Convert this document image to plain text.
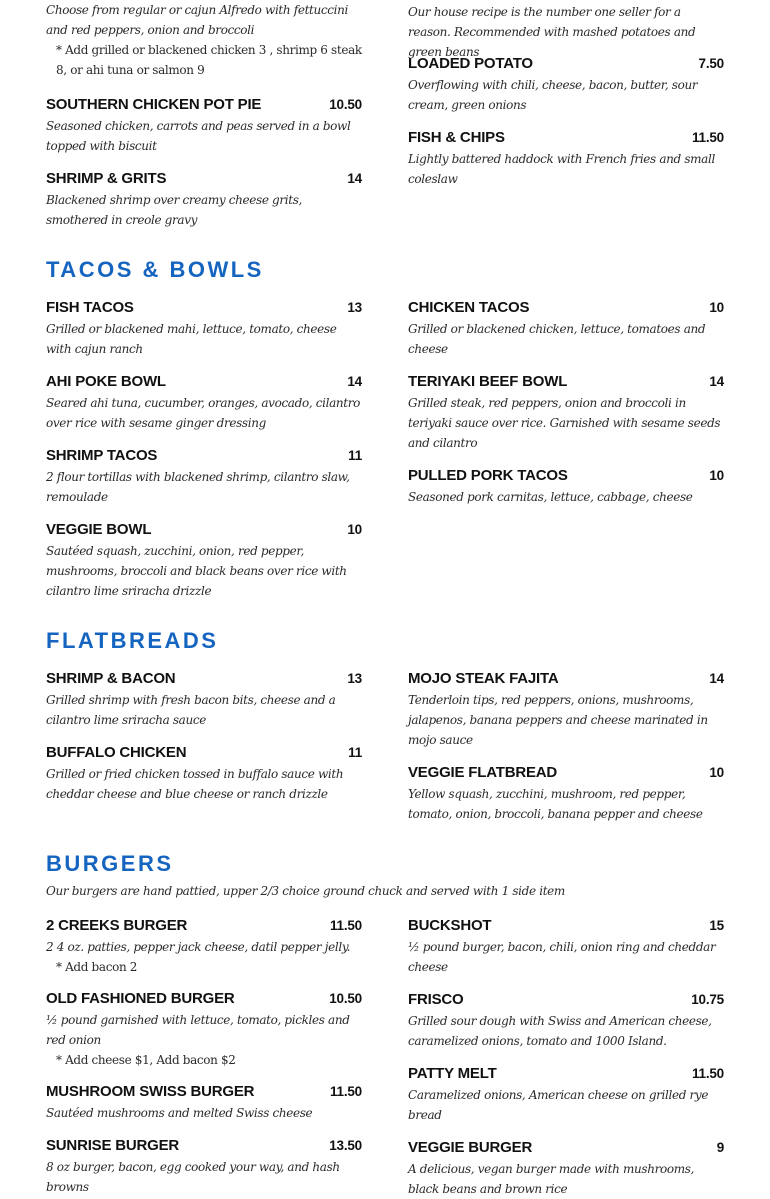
Choose from regular or cajun Alfredo with fettuccini and red peppers, onion and broccoli
* Add grilled or blackened chicken 3 , shrimp 6 steak 8, or ahi tuna or salmon 9
SOUTHERN CHICKEN POT PIE	10.50
Seasoned chicken, carrots and peas served in a bowl topped with biscuit
SHRIMP & GRITS	14
Blackened shrimp over creamy cheese grits, smothered in creole gravy
Our house recipe is the number one seller for a reason. Recommended with mashed potatoes and green beans
LOADED POTATO	7.50
Overflowing with chili, cheese, bacon, butter, sour cream, green onions
FISH & CHIPS	11.50
Lightly battered haddock with French fries and small coleslaw
TACOS & BOWLS
FISH TACOS	13
Grilled or blackened mahi, lettuce, tomato, cheese with cajun ranch
AHI POKE BOWL	14
Seared ahi tuna, cucumber, oranges, avocado, cilantro over rice with sesame ginger dressing
SHRIMP TACOS	11
2 flour tortillas with blackened shrimp, cilantro slaw, remoulade
VEGGIE BOWL	10
Sautéed squash, zucchini, onion, red pepper, mushrooms, broccoli and black beans over rice with cilantro lime sriracha drizzle
CHICKEN TACOS	10
Grilled or blackened chicken, lettuce, tomatoes and cheese
TERIYAKI BEEF BOWL	14
Grilled steak, red peppers, onion and broccoli in teriyaki sauce over rice. Garnished with sesame seeds and cilantro
PULLED PORK TACOS	10
Seasoned pork carnitas, lettuce, cabbage, cheese
FLATBREADS
SHRIMP & BACON	13
Grilled shrimp with fresh bacon bits, cheese and a cilantro lime sriracha sauce
BUFFALO CHICKEN	11
Grilled or fried chicken tossed in buffalo sauce with cheddar cheese and blue cheese or ranch drizzle
MOJO STEAK FAJITA	14
Tenderloin tips, red peppers, onions, mushrooms, jalapenos, banana peppers and cheese marinated in mojo sauce
VEGGIE FLATBREAD	10
Yellow squash, zucchini, mushroom, red pepper, tomato, onion, broccoli, banana pepper and cheese
BURGERS
Our burgers are hand pattied, upper 2/3 choice ground chuck and served with 1 side item
2 CREEKS BURGER	11.50
2 4 oz. patties, pepper jack cheese, datil pepper jelly.
* Add bacon 2
OLD FASHIONED BURGER	10.50
½ pound garnished with lettuce, tomato, pickles and red onion
* Add cheese $1, Add bacon $2
MUSHROOM SWISS BURGER	11.50
Sautéed mushrooms and melted Swiss cheese
SUNRISE BURGER	13.50
8 oz burger, bacon, egg cooked your way, and hash browns
BUCKSHOT	15
½ pound burger, bacon, chili, onion ring and cheddar cheese
FRISCO	10.75
Grilled sour dough with Swiss and American cheese, caramelized onions, tomato and 1000 Island.
PATTY MELT	11.50
Caramelized onions, American cheese on grilled rye bread
VEGGIE BURGER	9
A delicious, vegan burger made with mushrooms, black beans and brown rice
